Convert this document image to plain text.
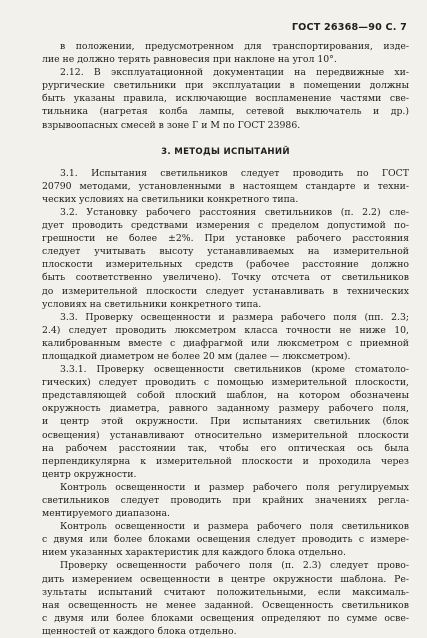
ГОСТ 26368—90 С. 7
в положении, предусмотренном для транспортирования, изде-
лие не должно терять равновесия при наклоне на угол 10°.
2.12. В эксплуатационной документации на передвижные хи-
рургические светильники при эксплуатации в помещении должны
быть указаны правила, исключающие воспламенение частями све-
тильника (нагретая колба лампы, сетевой выключатель и др.)
взрывоопасных смесей в зоне Г и М по ГОСТ 23986.
3. МЕТОДЫ ИСПЫТАНИЙ
3.1. Испытания светильников следует проводить по ГОСТ
20790 методами, установленными в настоящем стандарте и техни-
ческих условиях на светильники конкретного типа.
3.2. Установку рабочего расстояния светильников (п. 2.2) сле-
дует проводить средствами измерения с пределом допустимой по-
грешности не более ±2%. При установке рабочего расстояния
следует учитывать высоту устанавливаемых на измерительной
плоскости измерительных средств (рабочее расстояние должно
быть соответственно увеличено). Точку отсчета от светильников
до измерительной плоскости следует устанавливать в технических
условиях на светильники конкретного типа.
3.3. Проверку освещенности и размера рабочего поля (пп. 2.3;
2.4) следует проводить люксметром класса точности не ниже 10,
калиброванным вместе с диафрагмой или люксметром с приемной
площадкой диаметром не более 20 мм (далее — люксметром).
3.3.1. Проверку освещенности светильников (кроме стоматоло-
гических) следует проводить с помощью измерительной плоскости,
представляющей собой плоский шаблон, на котором обозначены
окружность диаметра, равного заданному размеру рабочего поля,
и центр этой окружности. При испытаниях светильник (блок
освещения) устанавливают относительно измерительной плоскости
на рабочем расстоянии так, чтобы его оптическая ось была
перпендикулярна к измерительной плоскости и проходила через
центр окружности.
Контроль освещенности и размер рабочего поля регулируемых
светильников следует проводить при крайних значениях регла-
ментируемого диапазона.
Контроль освещенности и размера рабочего поля светильников
с двумя или более блоками освещения следует проводить с измере-
нием указанных характеристик для каждого блока отдельно.
Проверку освещенности рабочего поля (п. 2.3) следует прово-
дить измерением освещенности в центре окружности шаблона. Ре-
зультаты испытаний считают положительными, если максималь-
ная освещенность не менее заданной. Освещенность светильников
с двумя или более блоками освещения определяют по сумме осве-
щенностей от каждого блока отдельно.
